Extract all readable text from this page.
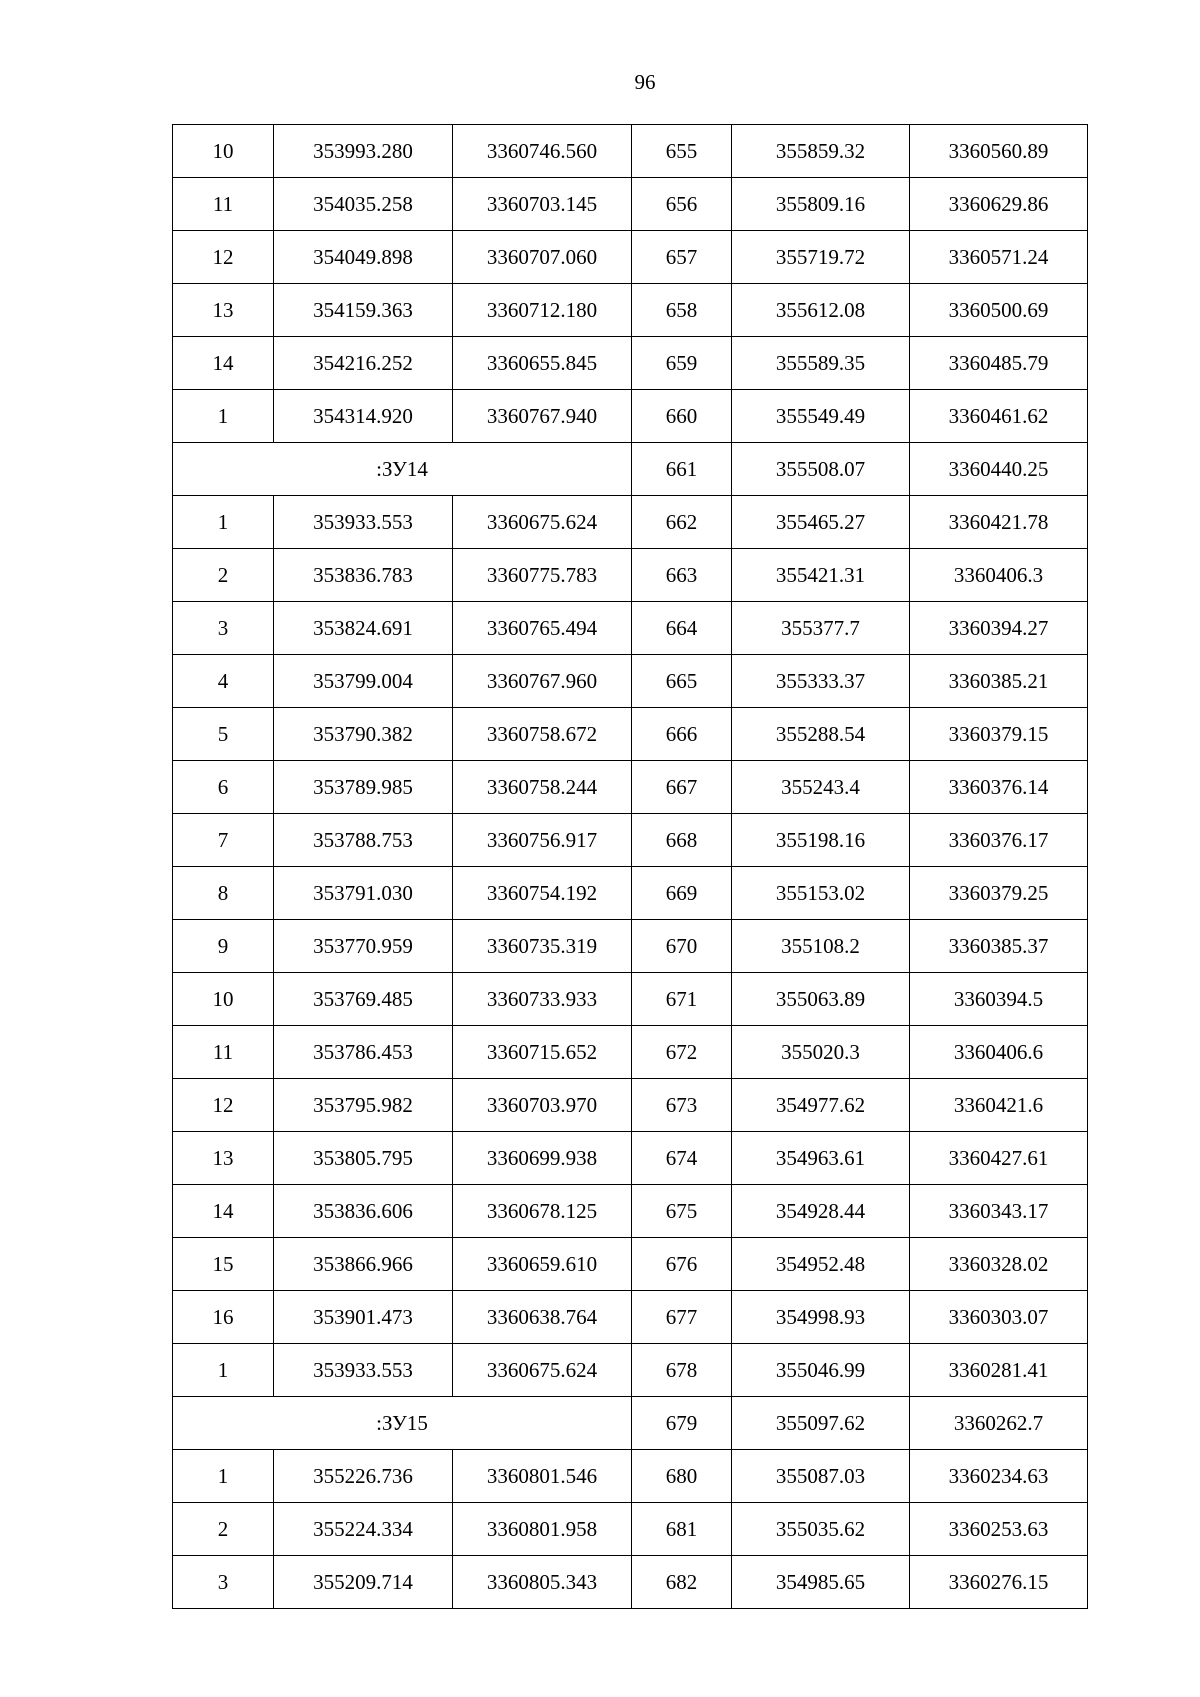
96
10	353993.280	3360746.560	655	355859.32	3360560.89
11	354035.258	3360703.145	656	355809.16	3360629.86
12	354049.898	3360707.060	657	355719.72	3360571.24
13	354159.363	3360712.180	658	355612.08	3360500.69
14	354216.252	3360655.845	659	355589.35	3360485.79
1	354314.920	3360767.940	660	355549.49	3360461.62
:ЗУ14			661	355508.07	3360440.25
1	353933.553	3360675.624	662	355465.27	3360421.78
2	353836.783	3360775.783	663	355421.31	3360406.3
3	353824.691	3360765.494	664	355377.7	3360394.27
4	353799.004	3360767.960	665	355333.37	3360385.21
5	353790.382	3360758.672	666	355288.54	3360379.15
6	353789.985	3360758.244	667	355243.4	3360376.14
7	353788.753	3360756.917	668	355198.16	3360376.17
8	353791.030	3360754.192	669	355153.02	3360379.25
9	353770.959	3360735.319	670	355108.2	3360385.37
10	353769.485	3360733.933	671	355063.89	3360394.5
11	353786.453	3360715.652	672	355020.3	3360406.6
12	353795.982	3360703.970	673	354977.62	3360421.6
13	353805.795	3360699.938	674	354963.61	3360427.61
14	353836.606	3360678.125	675	354928.44	3360343.17
15	353866.966	3360659.610	676	354952.48	3360328.02
16	353901.473	3360638.764	677	354998.93	3360303.07
1	353933.553	3360675.624	678	355046.99	3360281.41
:ЗУ15			679	355097.62	3360262.7
1	355226.736	3360801.546	680	355087.03	3360234.63
2	355224.334	3360801.958	681	355035.62	3360253.63
3	355209.714	3360805.343	682	354985.65	3360276.15
